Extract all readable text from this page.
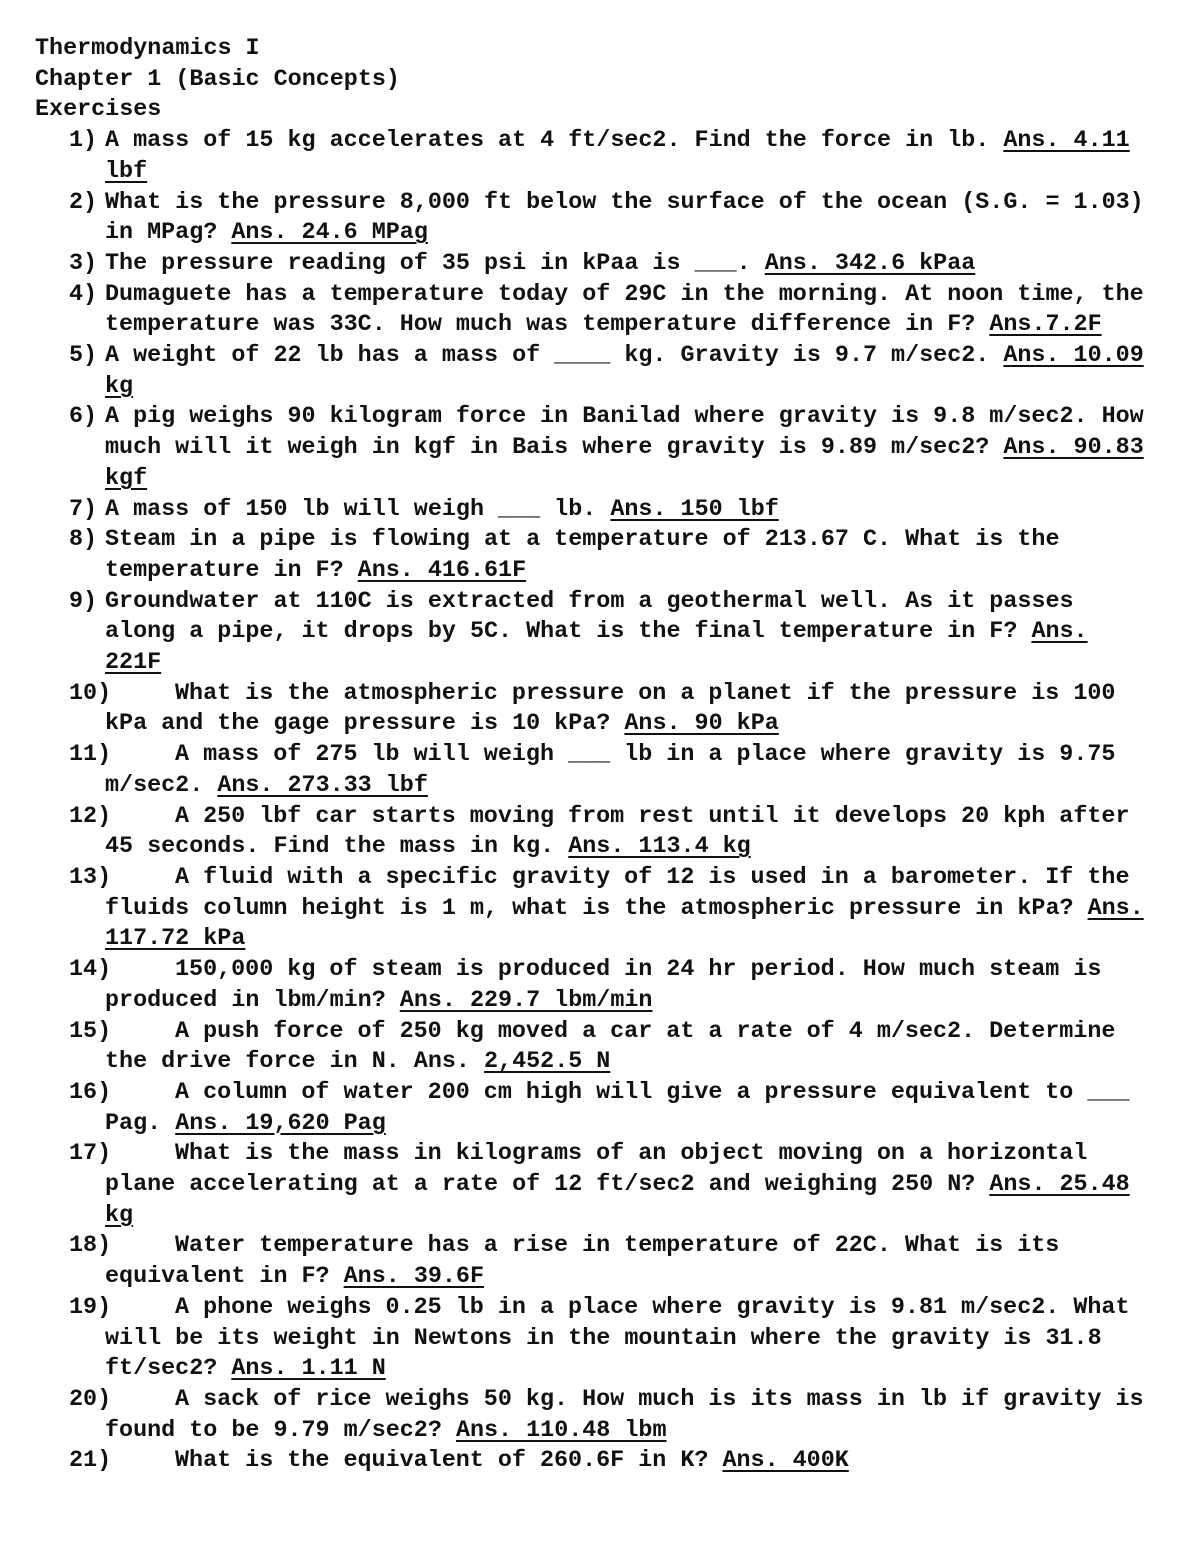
Thermodynamics I
Chapter 1 (Basic Concepts)
Exercises
1) A mass of 15 kg accelerates at 4 ft/sec2. Find the force in lb. Ans. 4.11 lbf
2) What is the pressure 8,000 ft below the surface of the ocean (S.G. = 1.03) in MPag? Ans. 24.6 MPag
3) The pressure reading of 35 psi in kPaa is ___. Ans. 342.6 kPaa
4) Dumaguete has a temperature today of 29C in the morning. At noon time, the temperature was 33C. How much was temperature difference in F? Ans.7.2F
5) A weight of 22 lb has a mass of ____ kg. Gravity is 9.7 m/sec2. Ans. 10.09 kg
6) A pig weighs 90 kilogram force in Banilad where gravity is 9.8 m/sec2. How much will it weigh in kgf in Bais where gravity is 9.89 m/sec2? Ans. 90.83 kgf
7) A mass of 150 lb will weigh ___ lb. Ans. 150 lbf
8) Steam in a pipe is flowing at a temperature of 213.67 C. What is the temperature in F? Ans. 416.61F
9) Groundwater at 110C is extracted from a geothermal well. As it passes along a pipe, it drops by 5C. What is the final temperature in F? Ans. 221F
10)	What is the atmospheric pressure on a planet if the pressure is 100 kPa and the gage pressure is 10 kPa? Ans. 90 kPa
11)	A mass of 275 lb will weigh ___ lb in a place where gravity is 9.75 m/sec2. Ans. 273.33 lbf
12)	A 250 lbf car starts moving from rest until it develops 20 kph after 45 seconds. Find the mass in kg. Ans. 113.4 kg
13)	A fluid with a specific gravity of 12 is used in a barometer. If the fluids column height is 1 m, what is the atmospheric pressure in kPa? Ans. 117.72 kPa
14)	150,000 kg of steam is produced in 24 hr period. How much steam is produced in lbm/min? Ans. 229.7 lbm/min
15)	A push force of 250 kg moved a car at a rate of 4 m/sec2. Determine the drive force in N. Ans. 2,452.5 N
16)	A column of water 200 cm high will give a pressure equivalent to ___ Pag. Ans. 19,620 Pag
17)	What is the mass in kilograms of an object moving on a horizontal plane accelerating at a rate of 12 ft/sec2 and weighing 250 N? Ans. 25.48 kg
18)	Water temperature has a rise in temperature of 22C. What is its equivalent in F? Ans. 39.6F
19)	A phone weighs 0.25 lb in a place where gravity is 9.81 m/sec2. What will be its weight in Newtons in the mountain where the gravity is 31.8 ft/sec2? Ans. 1.11 N
20)	A sack of rice weighs 50 kg. How much is its mass in lb if gravity is found to be 9.79 m/sec2? Ans. 110.48 lbm
21)	What is the equivalent of 260.6F in K? Ans. 400K
